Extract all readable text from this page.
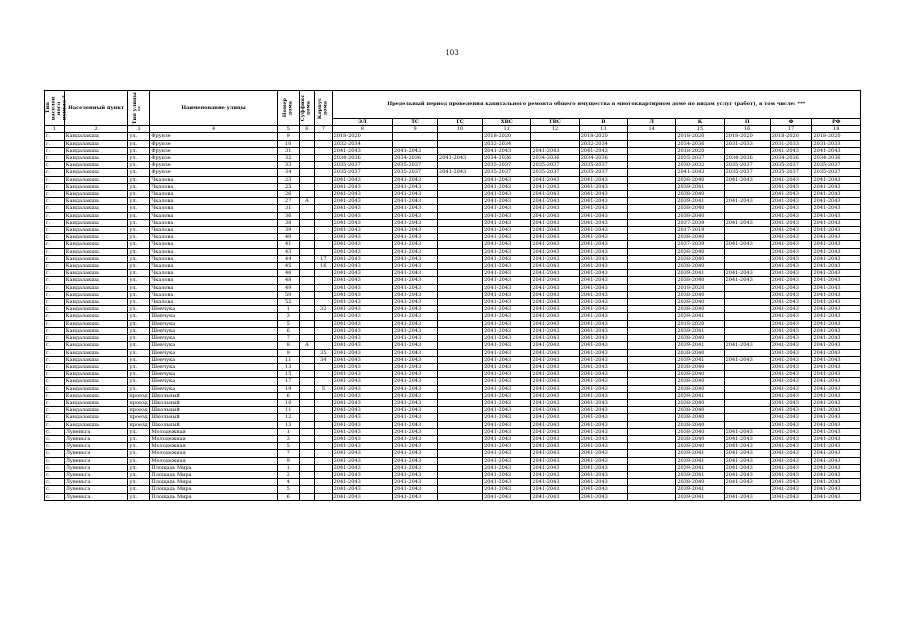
103
Тип населен ного пункта *	Населенный пункт	Тип улицы **	Наименование улицы	Номер дома	Суффикс дома	Корпус дома	Предельный период проведения капитального ремонта общего имущества в многоквартирном доме по видам услуг (работ), в том числе: ***										
							ЭЛ	ТС	ГС	ХВС	ГВС	В	Л	К	П	Ф	РФ
1	2	3	4	5	6	7	8	9	10	11	12	13	14	15	16	17	18
г.	Кандалакша	ул.	Фрунзе	9			2018-2020			2018-2020		2018-2020		2018-2020	2018-2020	2018-2020	2018-2020
г.	Кандалакша	ул.	Фрунзе	10			2032-2034			2032-2034		2032-2034		2034-2036	2031-2033	2031-2033	2031-2033
г.	Кандалакша	ул.	Фрунзе	31			2041-2043	2041-2043		2041-2043	2041-2043	2041-2043		2018-2020		2041-2043	2041-2043
г.	Кандалакша	ул.	Фрунзе	32			2034-2036	2034-2036	2041-2043	2034-2036	2034-2036	2034-2036		2035-2037	2034-2036	2034-2036	2034-2036
г.	Кандалакша	ул.	Фрунзе	33			2035-2037	2035-2037		2035-2037	2035-2037	2035-2037		2030-2032	2035-2037	2035-2037	2035-2037
г.	Кандалакша	ул.	Фрунзе	34			2035-2037	2035-2037	2041-2043	2035-2037	2035-2037	2035-2037		2041-2043	2035-2037	2035-2037	2035-2037
г.	Кандалакша	ул.	Чкалова	23			2041-2043	2041-2043		2041-2043	2041-2043	2041-2043		2038-2040	2041-2043	2041-2043	2041-2043
г.	Кандалакша	ул.	Чкалова	25			2041-2043	2041-2043		2041-2043	2041-2043	2041-2043		2039-2041		2041-2043	2041-2043
г.	Кандалакша	ул.	Чкалова	26			2041-2043	2041-2043		2041-2043	2041-2043	2041-2043		2038-2040		2041-2043	2041-2043
г.	Кандалакша	ул.	Чкалова	27	А		2041-2043	2041-2043		2041-2043	2041-2043	2041-2043		2039-2041	2041-2043	2041-2043	2041-2043
г.	Кандалакша	ул.	Чкалова	31			2041-2043	2041-2043		2041-2043	2041-2043	2041-2043		2038-2040		2041-2043	2041-2043
г.	Кандалакша	ул.	Чкалова	36			2041-2043	2041-2043		2041-2043	2041-2043	2041-2043		2038-2040		2041-2043	2041-2043
г.	Кандалакша	ул.	Чкалова	38			2041-2043	2041-2043		2041-2043	2041-2043	2041-2043		2037-2039	2041-2043	2041-2043	2041-2043
г.	Кандалакша	ул.	Чкалова	39			2041-2043	2041-2043		2041-2043	2041-2043	2041-2043		2017-2019		2041-2043	2041-2043
г.	Кандалакша	ул.	Чкалова	40			2041-2043	2041-2043		2041-2043	2041-2043	2041-2043		2038-2040		2041-2043	2041-2043
г.	Кандалакша	ул.	Чкалова	41			2041-2043	2041-2043		2041-2043	2041-2043	2041-2043		2037-2039	2041-2043	2041-2043	2041-2043
г.	Кандалакша	ул.	Чкалова	43			2041-2043	2041-2043		2041-2043	2041-2043	2041-2043		2038-2040		2041-2043	2041-2043
г.	Кандалакша	ул.	Чкалова	44		17	2041-2043	2041-2043		2041-2043	2041-2043	2041-2043		2038-2040		2041-2043	2041-2043
г.	Кандалакша	ул.	Чкалова	45		16	2041-2043	2041-2043		2041-2043	2041-2043	2041-2043		2038-2040		2041-2043	2041-2043
г.	Кандалакша	ул.	Чкалова	46			2041-2043	2041-2043		2041-2043	2041-2043	2041-2043		2039-2041	2041-2043	2041-2043	2041-2043
г.	Кандалакша	ул.	Чкалова	48			2041-2043	2041-2043		2041-2043	2041-2043	2041-2043		2038-2040	2041-2043	2041-2043	2041-2043
г.	Кандалакша	ул.	Чкалова	49			2041-2043	2041-2043		2041-2043	2041-2043	2041-2043		2018-2020		2041-2043	2041-2043
г.	Кандалакша	ул.	Чкалова	50			2041-2043	2041-2043		2041-2043	2041-2043	2041-2043		2038-2040		2041-2043	2041-2043
г.	Кандалакша	ул.	Чкалова	52			2041-2043	2041-2043		2041-2043	2041-2043	2041-2043		2038-2040		2041-2043	2041-2043
г.	Кандалакша	ул.	Шевчука	1		32	2041-2043	2041-2043		2041-2043	2041-2043	2041-2043		2038-2040		2041-2043	2041-2043
г.	Кандалакша	ул.	Шевчука	3			2041-2043	2041-2043		2041-2043	2041-2043	2041-2043		2039-2041		2041-2043	2041-2043
г.	Кандалакша	ул.	Шевчука	5			2041-2043	2041-2043		2041-2043	2041-2043	2041-2043		2018-2020		2041-2043	2041-2043
г.	Кандалакша	ул.	Шевчука	6			2041-2043	2041-2043		2041-2043	2041-2043	2041-2043		2039-2041		2041-2043	2041-2043
г.	Кандалакша	ул.	Шевчука	7			2041-2043	2041-2043		2041-2043	2041-2043	2041-2043		2038-2040		2041-2043	2041-2043
г.	Кандалакша	ул.	Шевчука	8	А		2041-2043	2041-2043		2041-2043	2041-2043	2041-2043		2039-2041	2041-2043	2041-2043	2041-2043
г.	Кандалакша	ул.	Шевчука	9		35	2041-2043	2041-2043		2041-2043	2041-2043	2041-2043		2038-2040		2041-2043	2041-2043
г.	Кандалакша	ул.	Шевчука	11		34	2041-2043	2041-2043		2041-2043	2041-2043	2041-2043		2039-2041	2041-2043	2041-2043	2041-2043
г.	Кандалакша	ул.	Шевчука	13			2041-2043	2041-2043		2041-2043	2041-2043	2041-2043		2038-2040		2041-2043	2041-2043
г.	Кандалакша	ул.	Шевчука	15			2041-2043	2041-2043		2041-2043	2041-2043	2041-2043		2038-2040		2041-2043	2041-2043
г.	Кандалакша	ул.	Шевчука	17			2041-2043	2041-2043		2041-2043	2041-2043	2041-2043		2038-2040		2041-2043	2041-2043
г.	Кандалакша	ул.	Шевчука	19		5	2041-2043	2041-2043		2041-2043	2041-2043	2041-2043		2038-2040		2041-2043	2041-2043
г.	Кандалакша	проезд	Школьный	6			2041-2043	2041-2043		2041-2043	2041-2043	2041-2043		2039-2041		2041-2043	2041-2043
г.	Кандалакша	проезд	Школьный	10			2041-2043	2041-2043		2041-2043	2041-2043	2041-2043		2038-2040		2041-2043	2041-2043
г.	Кандалакша	проезд	Школьный	11			2041-2043	2041-2043		2041-2043	2041-2043	2041-2043		2038-2040		2041-2043	2041-2043
г.	Кандалакша	проезд	Школьный	12			2041-2043	2041-2043		2041-2043	2041-2043	2041-2043		2038-2040		2041-2043	2041-2043
г.	Кандалакша	проезд	Школьный	13			2041-2043	2041-2043		2041-2043	2041-2043	2041-2043		2038-2040		2041-2043	2041-2043
с.	Лувеньга	ул.	Молодежная	1			2041-2043	2041-2043		2041-2043	2041-2043	2041-2043		2038-2040	2041-2043	2041-2043	2041-2043
с.	Лувеньга	ул.	Молодежная	3			2041-2043	2041-2043		2041-2043	2041-2043	2041-2043		2038-2040	2041-2043	2041-2043	2041-2043
с.	Лувеньга	ул.	Молодежная	5			2041-2043	2041-2043		2041-2043	2041-2043	2041-2043		2038-2040	2041-2043	2041-2043	2041-2043
с.	Лувеньга	ул.	Молодежная	7			2041-2043	2041-2043		2041-2043	2041-2043	2041-2043		2039-2041	2041-2043	2041-2043	2041-2043
с.	Лувеньга	ул.	Молодежная	9			2041-2043	2041-2043		2041-2043	2041-2043	2041-2043		2039-2041	2041-2043	2041-2043	2041-2043
с.	Лувеньга	ул.	Площадь Мира	1			2041-2043	2041-2043		2041-2043	2041-2043	2041-2043		2039-2041	2041-2043	2041-2043	2041-2043
с.	Лувеньга	ул.	Площадь Мира	2			2041-2043	2041-2043		2041-2043	2041-2043	2041-2043		2039-2041	2041-2043	2041-2043	2041-2043
с.	Лувеньга	ул.	Площадь Мира	4			2041-2043	2041-2043		2041-2043	2041-2043	2041-2043		2038-2040	2041-2043	2041-2043	2041-2043
с.	Лувеньга	ул.	Площадь Мира	5			2041-2043	2041-2043		2041-2043	2041-2043	2041-2043		2039-2041		2041-2043	2041-2043
с.	Лувеньга	ул.	Площадь Мира	6			2041-2043	2041-2043		2041-2043	2041-2043	2041-2043		2039-2041	2041-2043	2041-2043	2041-2043
